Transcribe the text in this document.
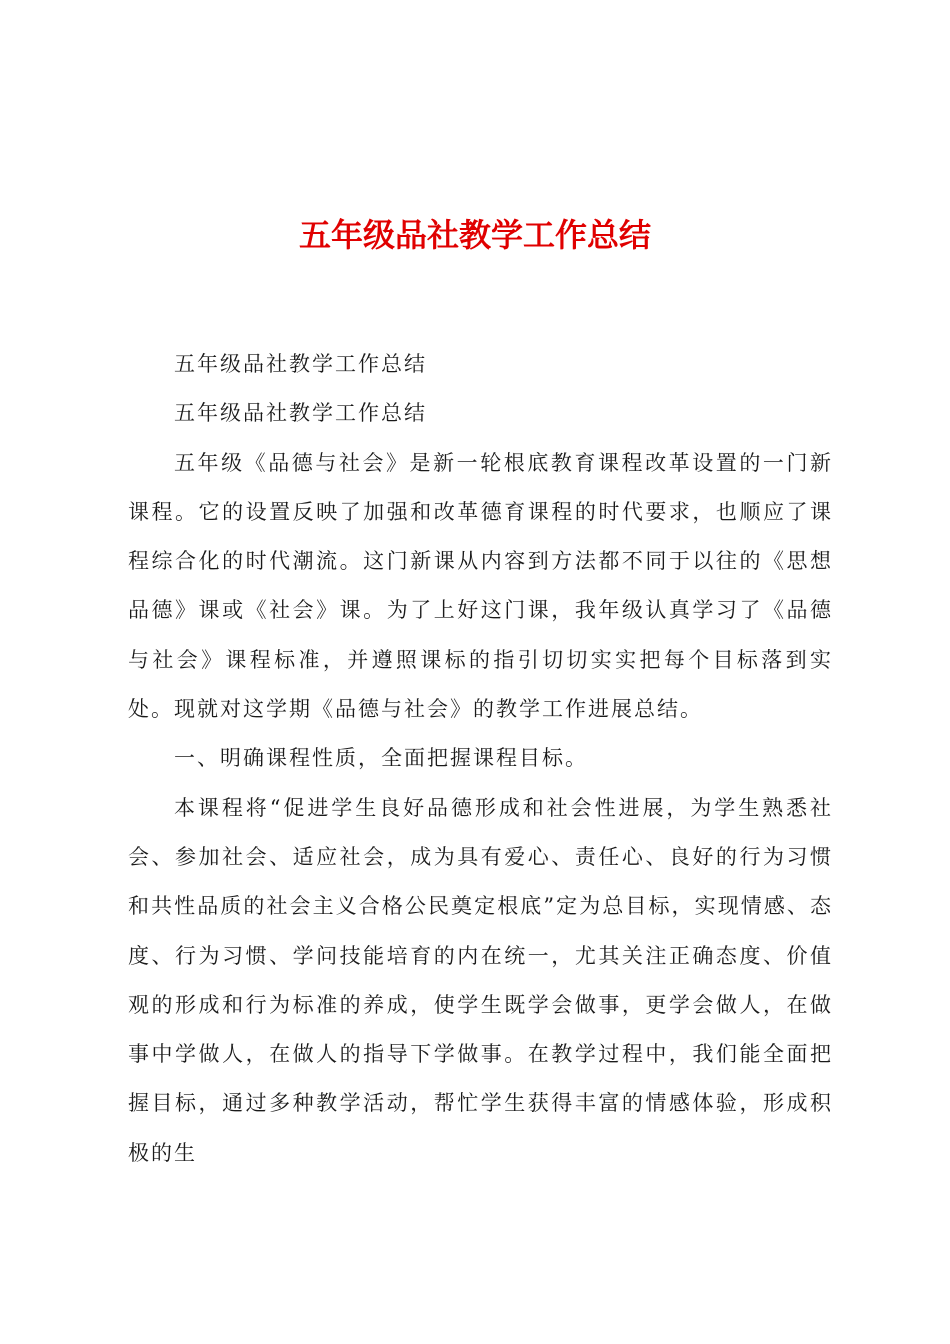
五年级品社教学工作总结

五年级品社教学工作总结

五年级品社教学工作总结

五年级《品德与社会》是新一轮根底教育课程改革设置的一门新课程。它的设置反映了加强和改革德育课程的时代要求，也顺应了课程综合化的时代潮流。这门新课从内容到方法都不同于以往的《思想品德》课或《社会》课。为了上好这门课，我年级认真学习了《品德与社会》课程标准，并遵照课标的指引切切实实把每个目标落到实处。现就对这学期《品德与社会》的教学工作进展总结。

一、明确课程性质，全面把握课程目标。

本课程将“促进学生良好品德形成和社会性进展，为学生熟悉社会、参加社会、适应社会，成为具有爱心、责任心、良好的行为习惯和共性品质的社会主义合格公民奠定根底”定为总目标，实现情感、态度、行为习惯、学问技能培育的内在统一，尤其关注正确态度、价值观的形成和行为标准的养成，使学生既学会做事，更学会做人，在做事中学做人，在做人的指导下学做事。在教学过程中，我们能全面把握目标，通过多种教学活动，帮忙学生获得丰富的情感体验，形成积极的生
